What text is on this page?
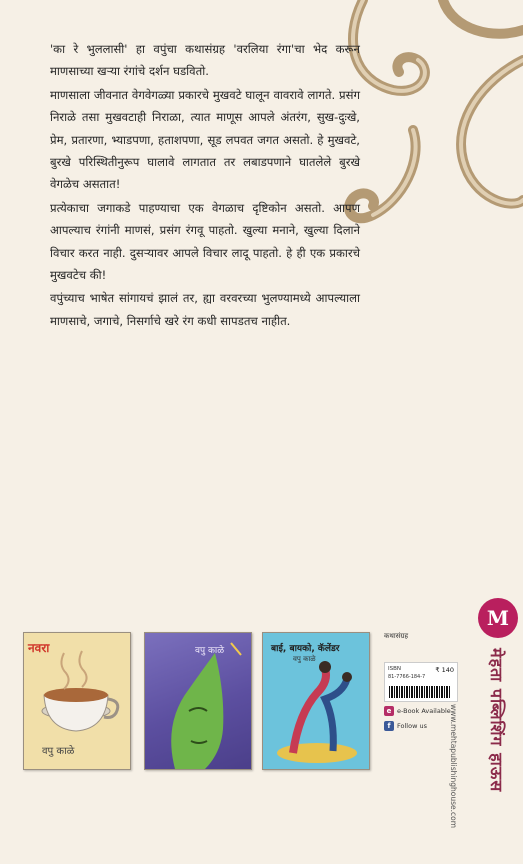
'का रे भुललासी' हा वपुंचा कथासंग्रह 'वरलिया रंगा'चा भेद करून माणसाच्या खऱ्या रंगांचे दर्शन घडवितो.

माणसाला जीवनात वेगवेगळ्या प्रकारचे मुखवटे घालून वावरावे लागते. प्रसंग निराळे तसा मुखवटाही निराळा, त्यात माणूस आपले अंतरंग, सुख-दुःखे, प्रेम, प्रतारणा, भ्याडपणा, हताशपणा, सूड लपवत जगत असतो. हे मुखवटे, बुरखे परिस्थितीनुरूप घालावे लागतात तर लबाडपणाने घातलेले बुरखे वेगळेच असतात!

प्रत्येकाचा जगाकडे पाहण्याचा एक वेगळाच दृष्टिकोन असतो. आपण आपल्याच रंगांनी माणसं, प्रसंग रंगवू पाहतो. खुल्या मनाने, खुल्या दिलाने विचार करत नाही. दुसऱ्यावर आपले विचार लादू पाहतो. हे ही एक प्रकारचे मुखवटेच की!

वपुंच्याच भाषेत सांगायचं झालं तर, ह्या वरवरच्या भुलण्यामध्ये आपल्याला माणसाचे, जगाचे, निसर्गाचे खरे रंग कधी सापडतच नाहीत.

नवरा
वपु काळे
वपु काळे	बाई, बायको, कॅलेंडर
वपु काळे
कथासंग्रह
ISBN
81-7766-184-7
₹ 140
e e-Book Available
f Follow us	www.mehtapublishinghouse.com
M
मेहता पब्लिशिंग हाऊस
